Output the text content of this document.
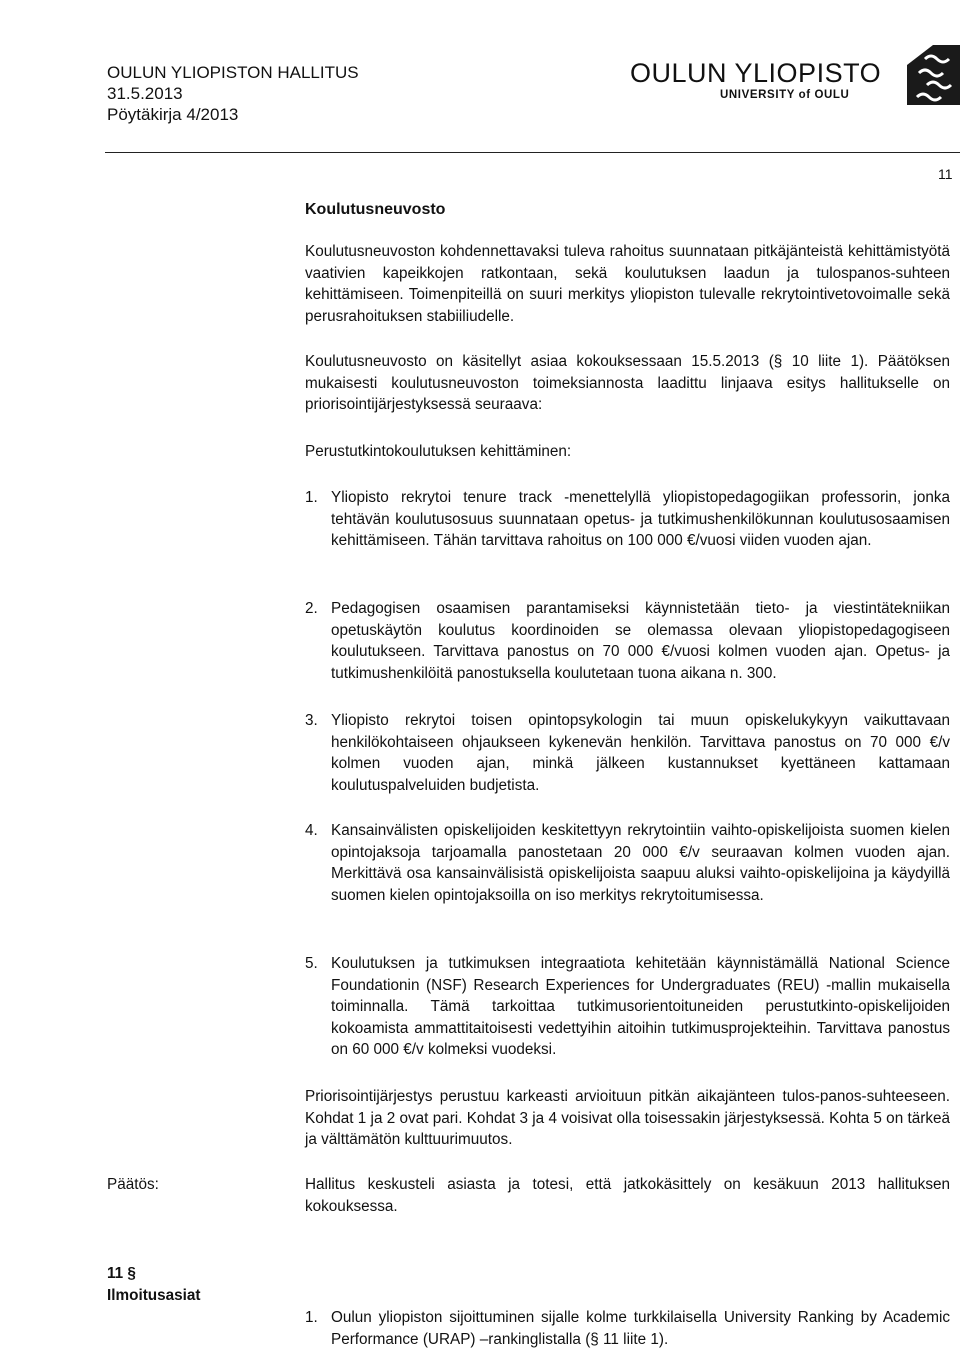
OULUN YLIOPISTON HALLITUS
31.5.2013
Pöytäkirja 4/2013
OULUN YLIOPISTO
UNIVERSITY of OULU
11
Koulutusneuvosto

Koulutusneuvoston kohdennettavaksi tuleva rahoitus suunnataan pitkäjänteistä kehittämistyötä vaativien kapeikkojen ratkontaan, sekä koulutuksen laadun ja tulospanos-suhteen kehittämiseen. Toimenpiteillä on suuri merkitys yliopiston tulevalle rekrytointivetovoimalle sekä perusrahoituksen stabiiliudelle.

Koulutusneuvosto on käsitellyt asiaa kokouksessaan 15.5.2013 (§ 10 liite 1). Päätöksen mukaisesti koulutusneuvoston toimeksiannosta laadittu linjaava esitys hallitukselle on priorisointijärjestyksessä seuraava:

Perustutkintokoulutuksen kehittäminen:

1. Yliopisto rekrytoi tenure track -menettelyllä yliopistopedagogiikan professorin, jonka tehtävän koulutusosuus suunnataan opetus- ja tutkimushenkilökunnan koulutusosaamisen kehittämiseen. Tähän tarvittava rahoitus on 100 000 €/vuosi viiden vuoden ajan.
2. Pedagogisen osaamisen parantamiseksi käynnistetään tieto- ja viestintätekniikan opetuskäytön koulutus koordinoiden se olemassa olevaan yliopistopedagogiseen koulutukseen. Tarvittava panostus on 70 000 €/vuosi kolmen vuoden ajan. Opetus- ja tutkimushenkilöitä panostuksella koulutetaan tuona aikana n. 300.
3. Yliopisto rekrytoi toisen opintopsykologin tai muun opiskelukykyyn vaikuttavaan henkilökohtaiseen ohjaukseen kykenevän henkilön. Tarvittava panostus on 70 000 €/v kolmen vuoden ajan, minkä jälkeen kustannukset kyettäneen kattamaan koulutuspalveluiden budjetista.
4. Kansainvälisten opiskelijoiden keskitettyyn rekrytointiin vaihto-opiskelijoista suomen kielen opintojaksoja tarjoamalla panostetaan 20 000 €/v seuraavan kolmen vuoden ajan. Merkittävä osa kansainvälisistä opiskelijoista saapuu aluksi vaihto-opiskelijoina ja käydyillä suomen kielen opintojaksoilla on iso merkitys rekrytoitumisessa.
5. Koulutuksen ja tutkimuksen integraatiota kehitetään käynnistämällä National Science Foundationin (NSF) Research Experiences for Undergraduates (REU) -mallin mukaisella toiminnalla. Tämä tarkoittaa tutkimusorientoituneiden perustutkinto-opiskelijoiden kokoamista ammattitaitoisesti vedettyihin aitoihin tutkimusprojekteihin. Tarvittava panostus on 60 000 €/v kolmeksi vuodeksi.

Priorisointijärjestys perustuu karkeasti arvioituun pitkän aikajänteen tulos-panos-suhteeseen. Kohdat 1 ja 2 ovat pari. Kohdat 3 ja 4 voisivat olla toisessakin järjestyksessä. Kohta 5 on tärkeä ja välttämätön kulttuurimuutos.

Päätös:	Hallitus keskusteli asiasta ja totesi, että jatkokäsittely on kesäkuun 2013 hallituksen kokouksessa.

11 §
Ilmoitusasiat
1. Oulun yliopiston sijoittuminen sijalle kolme turkkilaisella University Ranking by Academic Performance (URAP) –rankinglistalla (§ 11 liite 1).
